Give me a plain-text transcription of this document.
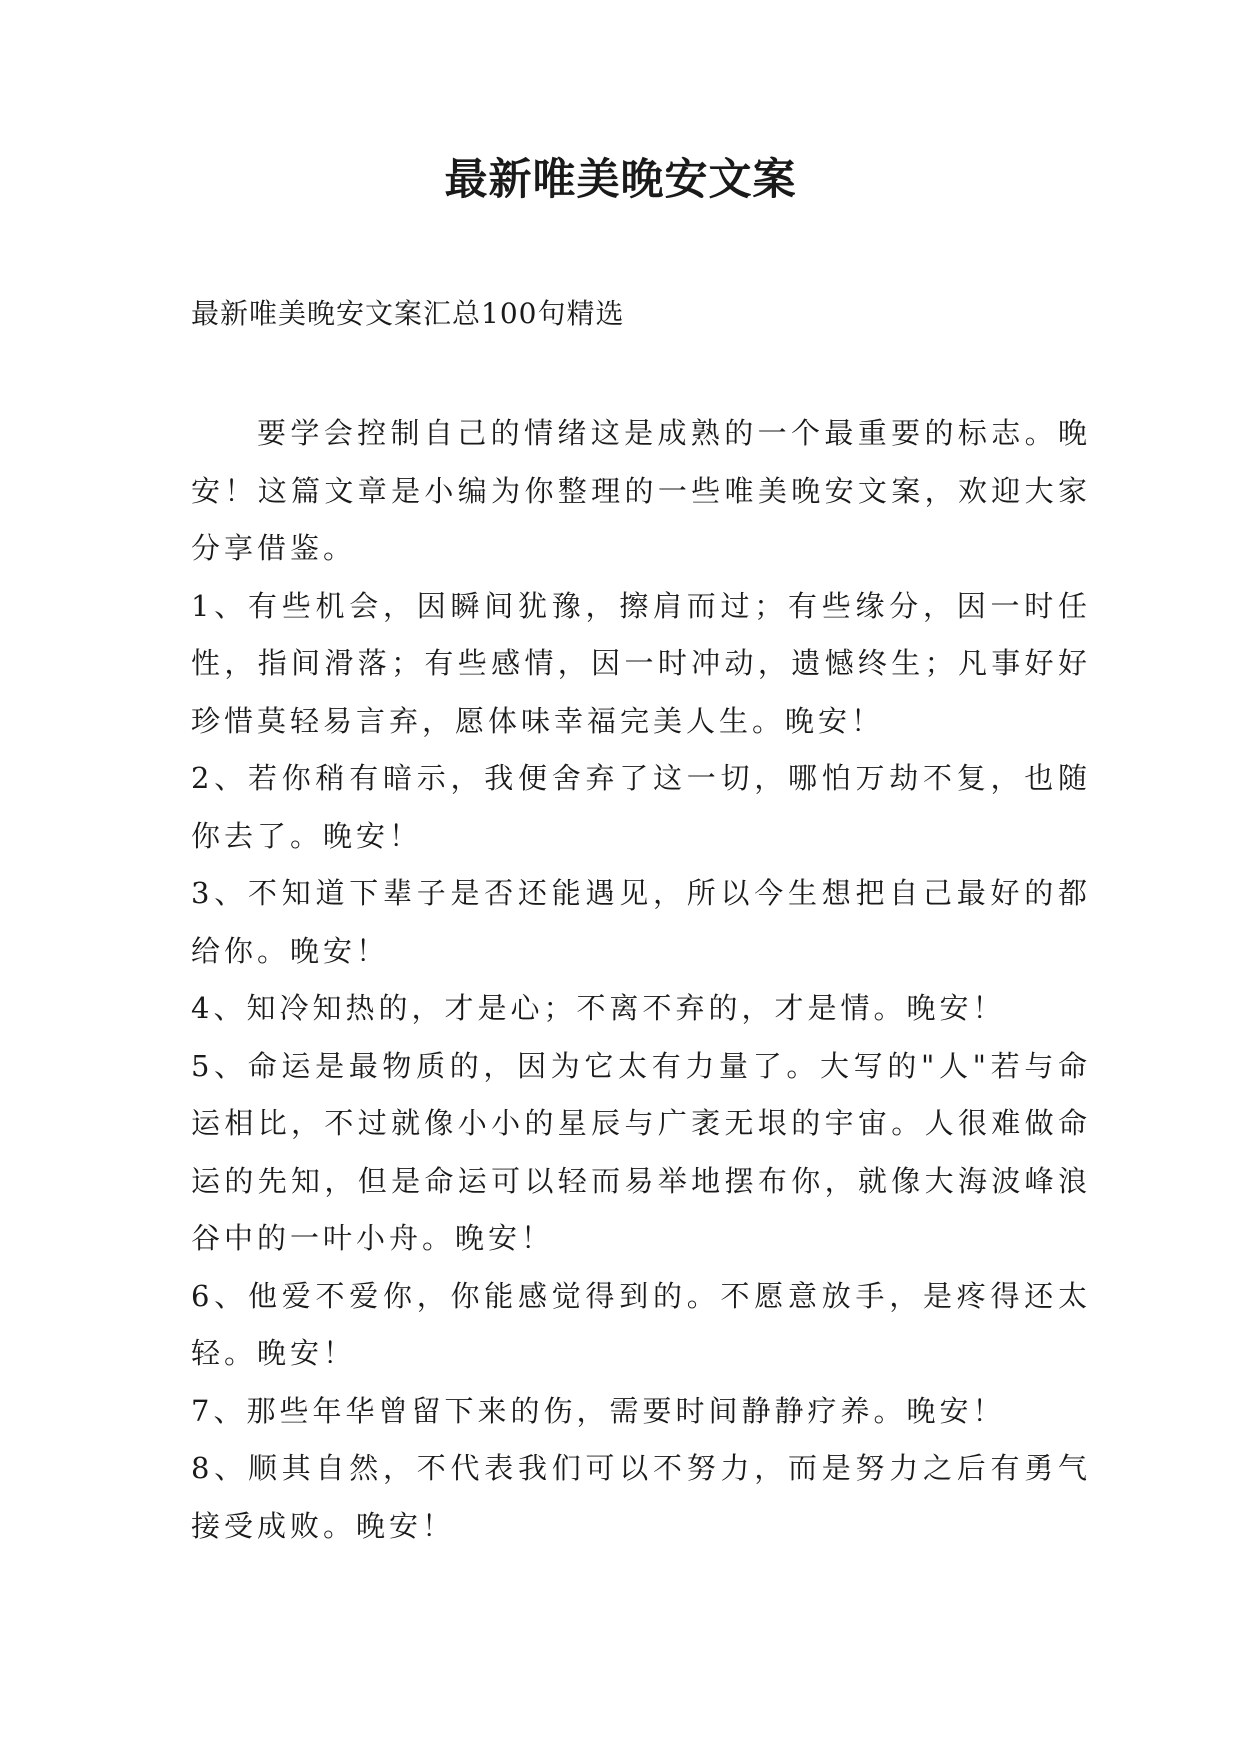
最新唯美晚安文案

最新唯美晚安文案汇总100句精选

要学会控制自己的情绪这是成熟的一个最重要的标志。晚安！这篇文章是小编为你整理的一些唯美晚安文案，欢迎大家分享借鉴。

1、有些机会，因瞬间犹豫，擦肩而过；有些缘分，因一时任性，指间滑落；有些感情，因一时冲动，遗憾终生；凡事好好珍惜莫轻易言弃，愿体味幸福完美人生。晚安！

2、若你稍有暗示，我便舍弃了这一切，哪怕万劫不复，也随你去了。晚安！

3、不知道下辈子是否还能遇见，所以今生想把自己最好的都给你。晚安！

4、知冷知热的，才是心；不离不弃的，才是情。晚安！

5、命运是最物质的，因为它太有力量了。大写的"人"若与命运相比，不过就像小小的星辰与广袤无垠的宇宙。人很难做命运的先知，但是命运可以轻而易举地摆布你，就像大海波峰浪谷中的一叶小舟。晚安！

6、他爱不爱你，你能感觉得到的。不愿意放手，是疼得还太轻。晚安！

7、那些年华曾留下来的伤，需要时间静静疗养。晚安！

8、顺其自然，不代表我们可以不努力，而是努力之后有勇气接受成败。晚安！
